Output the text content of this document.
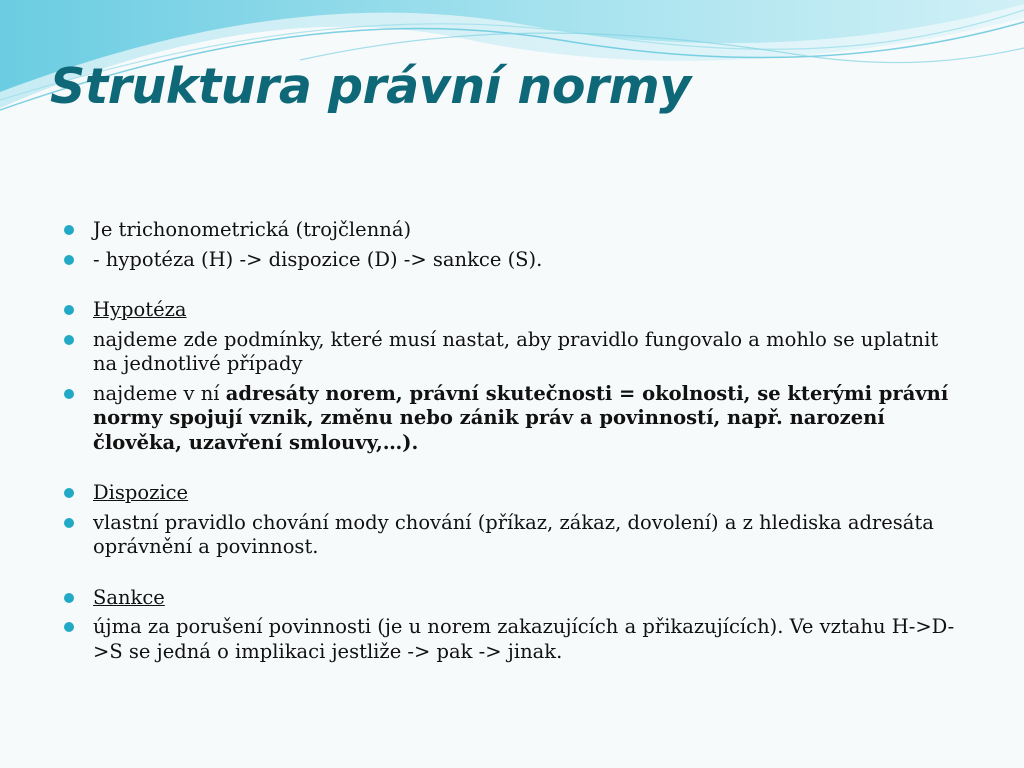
Struktura právní normy
Je trichonometrická (trojčlenná)
- hypotéza (H) -> dispozice (D) -> sankce (S).
Hypotéza
najdeme zde podmínky, které musí nastat, aby pravidlo fungovalo a mohlo se uplatnit na jednotlivé případy
najdeme v ní adresáty norem, právní skutečnosti = okolnosti, se kterými právní normy spojují vznik, změnu nebo zánik práv a povinností, např. narození člověka, uzavření smlouvy,…).
Dispozice
vlastní pravidlo chování mody chování (příkaz, zákaz, dovolení) a z hlediska adresáta oprávnění a povinnost.
Sankce
újma za porušení povinnosti (je u norem zakazujících a přikazujících). Ve vztahu H->D->S se jedná o implikaci jestliže -> pak -> jinak.
